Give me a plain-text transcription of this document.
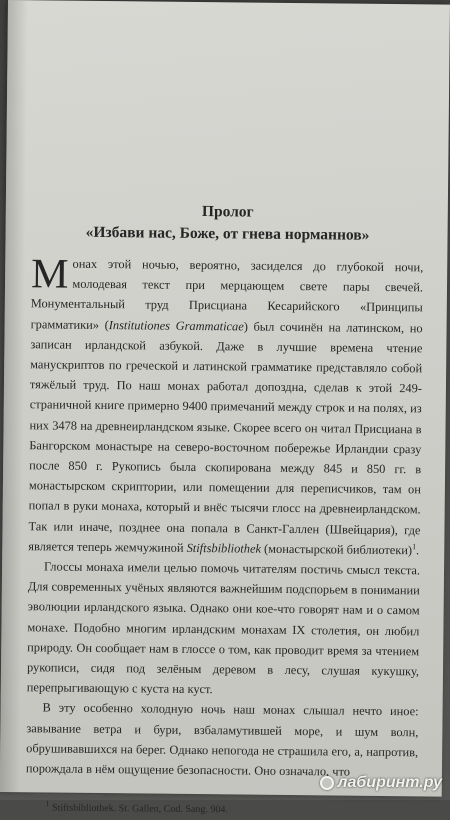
Пролог
«Избави нас, Боже, от гнева норманнов»

Монах этой ночью, вероятно, засиделся до глубокой ночи, молодевая текст при мерцающем свете пары свечей. Монументальный труд Присциана Кесарийского «Принципы грамматики» (Institutiones Grammaticae) был сочинён на латинском, но записан ирландской азбукой. Даже в лучшие времена чтение манускриптов по греческой и латинской грамматике представляло собой тяжёлый труд. По наш монах работал допоздна, сделав к этой 249-страничной книге примерно 9400 примечаний между строк и на полях, из них 3478 на древнеирландском языке. Скорее всего он читал Присциана в Бангорском монастыре на северо-восточном побережье Ирландии сразу после 850 г. Рукопись была скопирована между 845 и 850 гг. в монастырском скриптории, или помещении для переписчиков, там он попал в руки монаха, который и внёс тысячи глосс на древнеирландском. Так или иначе, позднее она попала в Санкт-Галлен (Швейцария), где является теперь жемчужиной Stiftsbibliothek (монастырской библиотеки)$^1$.

Глоссы монаха имели целью помочь читателям постичь смысл текста. Для современных учёных являются важнейшим подспорьем в понимании эволюции ирландского языка. Однако они кое-что говорят нам и о самом монахе. Подобно многим ирландским монахам IX столетия, он любил природу. Он сообщает нам в глоссе о том, как проводит время за чтением рукописи, сидя под зелёным деревом в лесу, слушая кукушку, перепрыгивающую с куста на куст.

В эту особенно холодную ночь наш монах слышал нечто иное: завывание ветра и бури, взбаламутившей море, и шум волн, обрушивавшихся на берег. Однако непогода не страшила его, а, напротив, порождала в нём ощущение безопасности. Оно означало, что

$^1$ Stiftsbibliothek. St. Gallen, Cod. Sang. 904.
лабиринт.ру
